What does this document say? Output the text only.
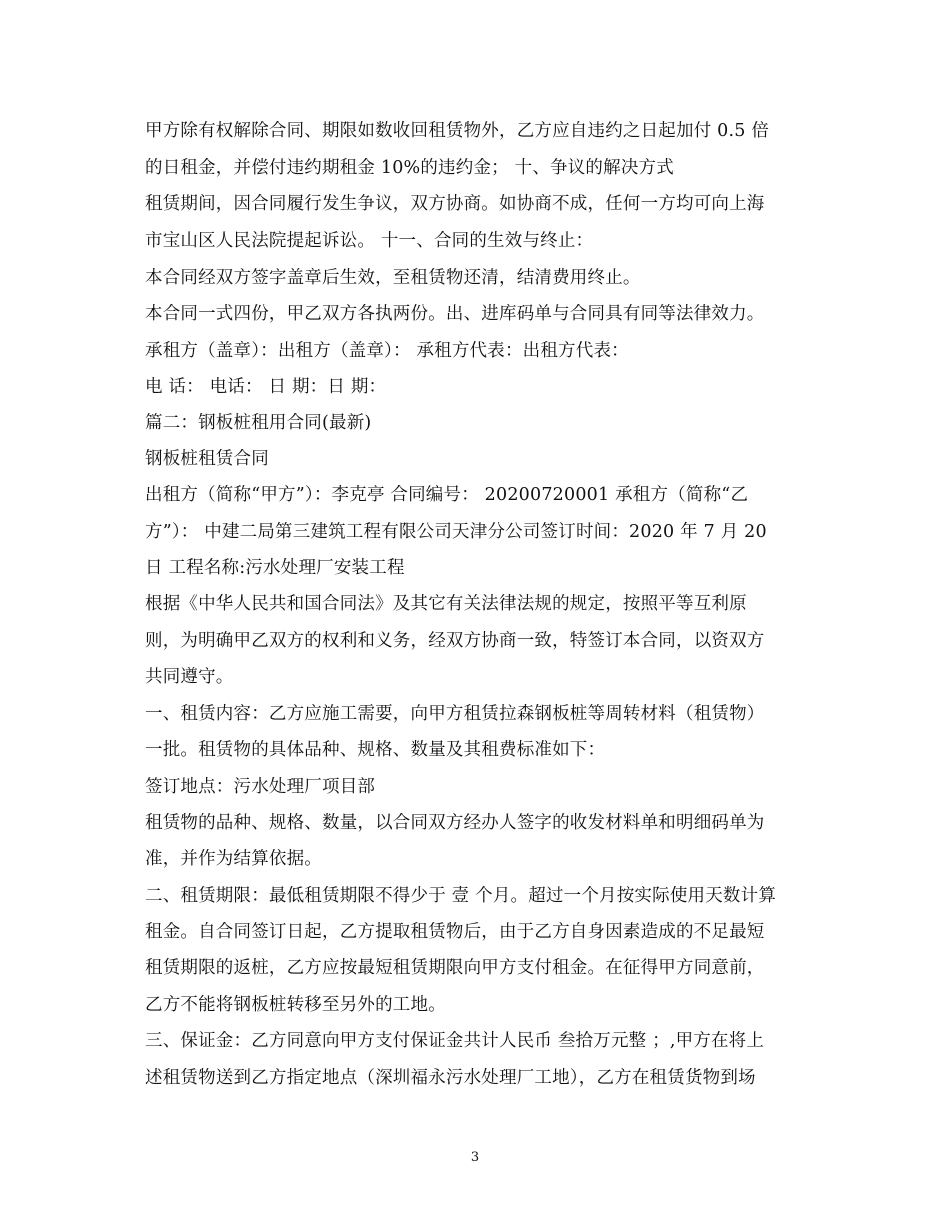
甲方除有权解除合同、期限如数收回租赁物外，乙方应自违约之日起加付 0.5 倍
的日租金，并偿付违约期租金 10%的违约金； 十、争议的解决方式
租赁期间，因合同履行发生争议，双方协商。如协商不成，任何一方均可向上海
市宝山区人民法院提起诉讼。 十一、合同的生效与终止：
本合同经双方签字盖章后生效，至租赁物还清，结清费用终止。
本合同一式四份，甲乙双方各执两份。出、进库码单与合同具有同等法律效力。
承租方（盖章）：出租方（盖章）： 承租方代表：出租方代表：
电 话： 电话： 日 期：日 期：
篇二：钢板桩租用合同(最新)
钢板桩租赁合同
出租方（简称“甲方”）：李克亭 合同编号： 20200720001 承租方（简称“乙
方”）： 中建二局第三建筑工程有限公司天津分公司签订时间：2020 年 7 月 20
日 工程名称:污水处理厂安装工程
根据《中华人民共和国合同法》及其它有关法律法规的规定，按照平等互利原
则，为明确甲乙双方的权利和义务，经双方协商一致，特签订本合同，以资双方
共同遵守。
一、租赁内容：乙方应施工需要，向甲方租赁拉森钢板桩等周转材料（租赁物）
一批。租赁物的具体品种、规格、数量及其租费标准如下：
签订地点：污水处理厂项目部
租赁物的品种、规格、数量，以合同双方经办人签字的收发材料单和明细码单为
准，并作为结算依据。
二、租赁期限：最低租赁期限不得少于 壹 个月。超过一个月按实际使用天数计算
租金。自合同签订日起，乙方提取租赁物后，由于乙方自身因素造成的不足最短
租赁期限的返桩，乙方应按最短租赁期限向甲方支付租金。在征得甲方同意前，
乙方不能将钢板桩转移至另外的工地。
三、保证金：乙方同意向甲方支付保证金共计人民币 叁拾万元整 ；,甲方在将上
述租赁物送到乙方指定地点（深圳福永污水处理厂工地），乙方在租赁货物到场
3
